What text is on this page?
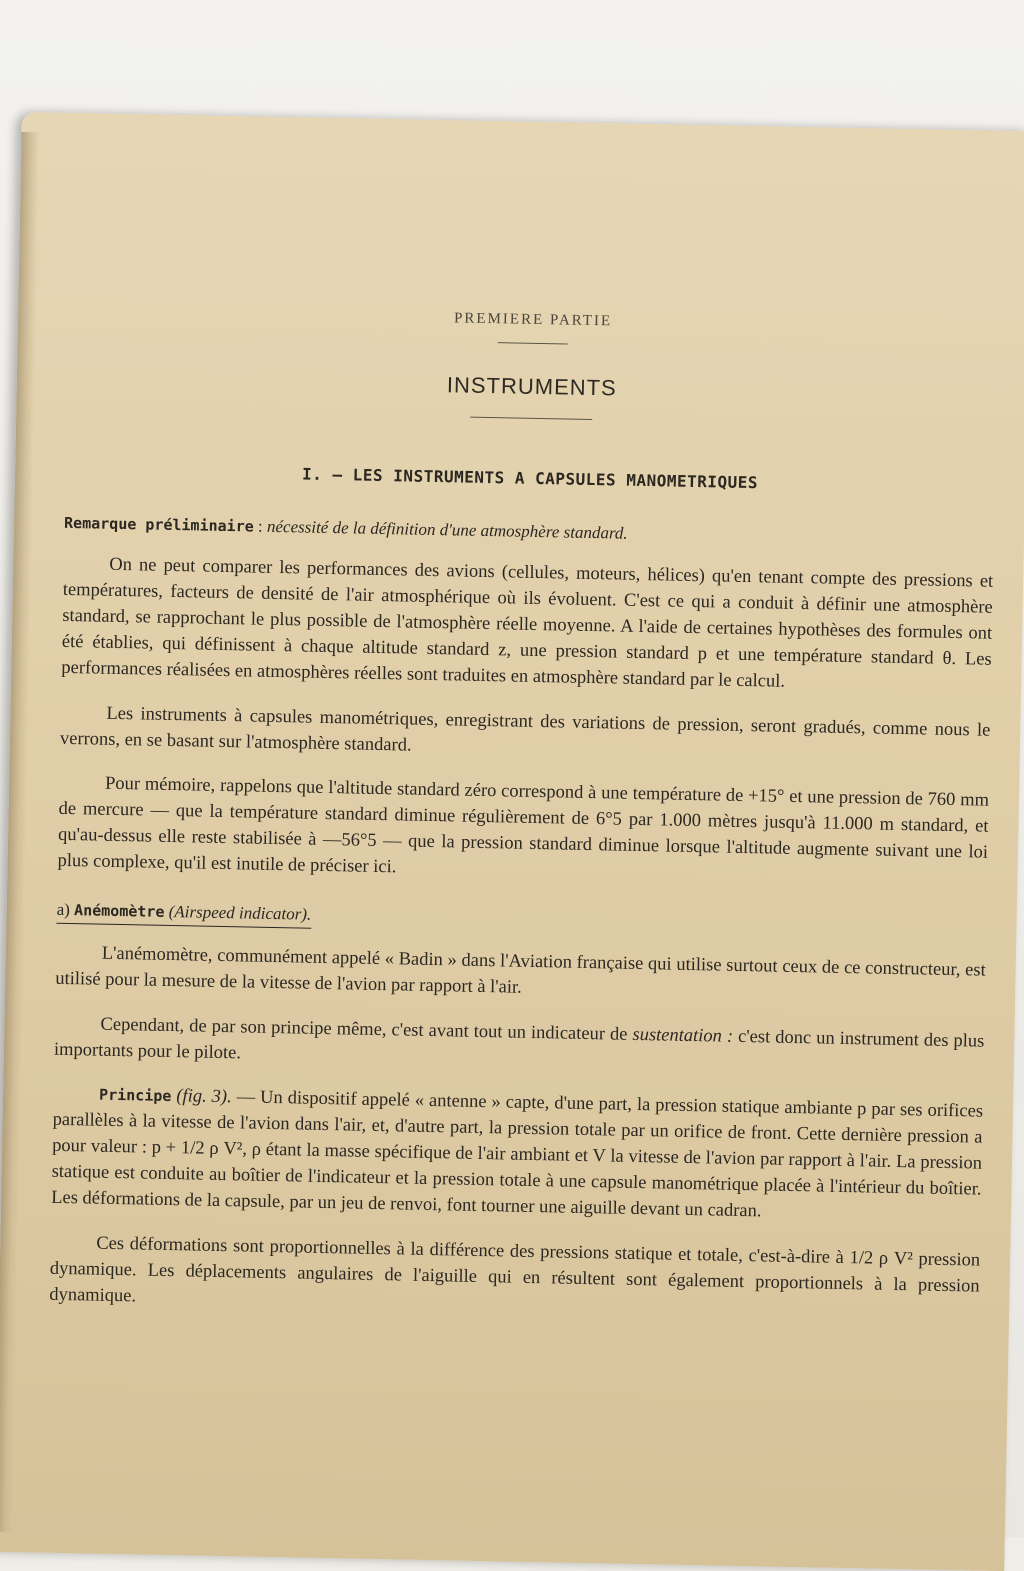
PREMIERE PARTIE
INSTRUMENTS
I. — LES INSTRUMENTS A CAPSULES MANOMETRIQUES
Remarque préliminaire : nécessité de la définition d'une atmosphère standard.

On ne peut comparer les performances des avions (cellules, moteurs, hélices) qu'en tenant compte des pressions et températures, facteurs de densité de l'air atmosphérique où ils évoluent. C'est ce qui a conduit à définir une atmosphère standard, se rapprochant le plus possible de l'atmosphère réelle moyenne. A l'aide de certaines hypothèses des formules ont été établies, qui définissent à chaque altitude standard z, une pression standard p et une température standard θ. Les performances réalisées en atmosphères réelles sont traduites en atmosphère standard par le calcul.

Les instruments à capsules manométriques, enregistrant des variations de pression, seront gradués, comme nous le verrons, en se basant sur l'atmosphère standard.

Pour mémoire, rappelons que l'altitude standard zéro correspond à une température de +15° et une pression de 760 mm de mercure — que la température standard diminue régulièrement de 6°5 par 1.000 mètres jusqu'à 11.000 m standard, et qu'au-dessus elle reste stabilisée à —56°5 — que la pression standard diminue lorsque l'altitude augmente suivant une loi plus complexe, qu'il est inutile de préciser ici.

a) Anémomètre (Airspeed indicator).

L'anémomètre, communément appelé « Badin » dans l'Aviation française qui utilise surtout ceux de ce constructeur, est utilisé pour la mesure de la vitesse de l'avion par rapport à l'air.

Cependant, de par son principe même, c'est avant tout un indicateur de sustentation : c'est donc un instrument des plus importants pour le pilote.

Principe (fig. 3). — Un dispositif appelé « antenne » capte, d'une part, la pression statique ambiante p par ses orifices parallèles à la vitesse de l'avion dans l'air, et, d'autre part, la pression totale par un orifice de front. Cette dernière pression a pour valeur : p + 1/2 ρ V², ρ étant la masse spécifique de l'air ambiant et V la vitesse de l'avion par rapport à l'air. La pression statique est conduite au boîtier de l'indicateur et la pression totale à une capsule manométrique placée à l'intérieur du boîtier. Les déformations de la capsule, par un jeu de renvoi, font tourner une aiguille devant un cadran.

Ces déformations sont proportionnelles à la différence des pressions statique et totale, c'est-à-dire à 1/2 ρ V² pression dynamique. Les déplacements angulaires de l'aiguille qui en résultent sont également proportionnels à la pression dynamique.
